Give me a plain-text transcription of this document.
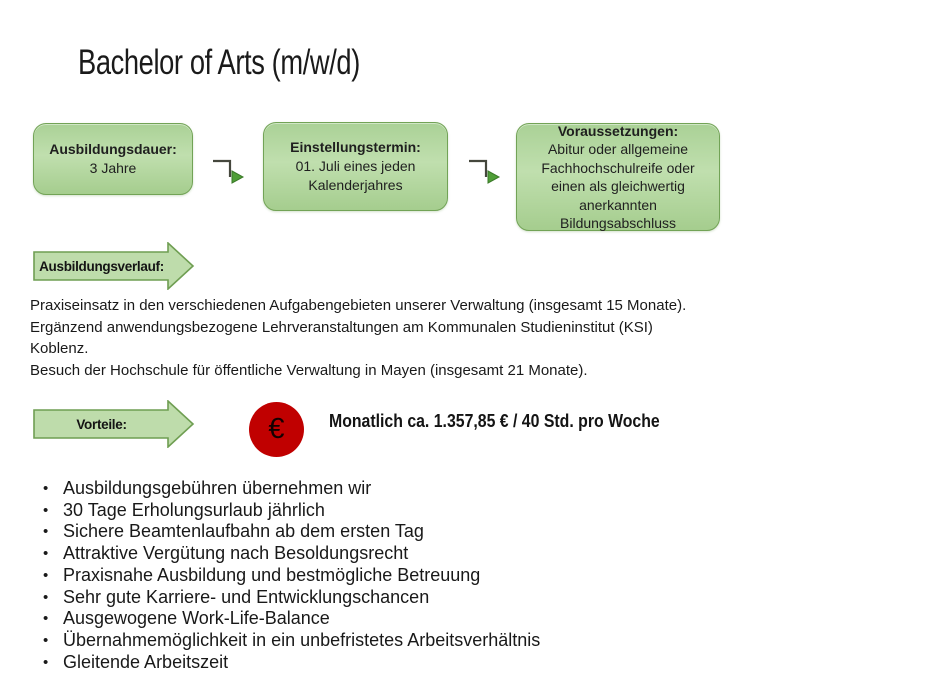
Bachelor of Arts (m/w/d)
Ausbildungsdauer:
3 Jahre
Einstellungstermin:
01. Juli eines jeden Kalenderjahres
Voraussetzungen:
Abitur oder allgemeine Fachhochschulreife oder einen als gleichwertig anerkannten Bildungsabschluss
Ausbildungsverlauf:
Praxiseinsatz in den verschiedenen Aufgabengebieten unserer Verwaltung (insgesamt 15 Monate).
Ergänzend anwendungsbezogene Lehrveranstaltungen am Kommunalen Studieninstitut (KSI) Koblenz.
Besuch der Hochschule für öffentliche Verwaltung in Mayen (insgesamt 21 Monate).
Vorteile:	€	Monatlich ca. 1.357,85 € / 40 Std. pro Woche
• Ausbildungsgebühren übernehmen wir
• 30 Tage Erholungsurlaub jährlich
• Sichere Beamtenlaufbahn ab dem ersten Tag
• Attraktive Vergütung nach Besoldungsrecht
• Praxisnahe Ausbildung und bestmögliche Betreuung
• Sehr gute Karriere- und Entwicklungschancen
• Ausgewogene Work-Life-Balance
• Übernahmemöglichkeit in ein unbefristetes Arbeitsverhältnis
• Gleitende Arbeitszeit
